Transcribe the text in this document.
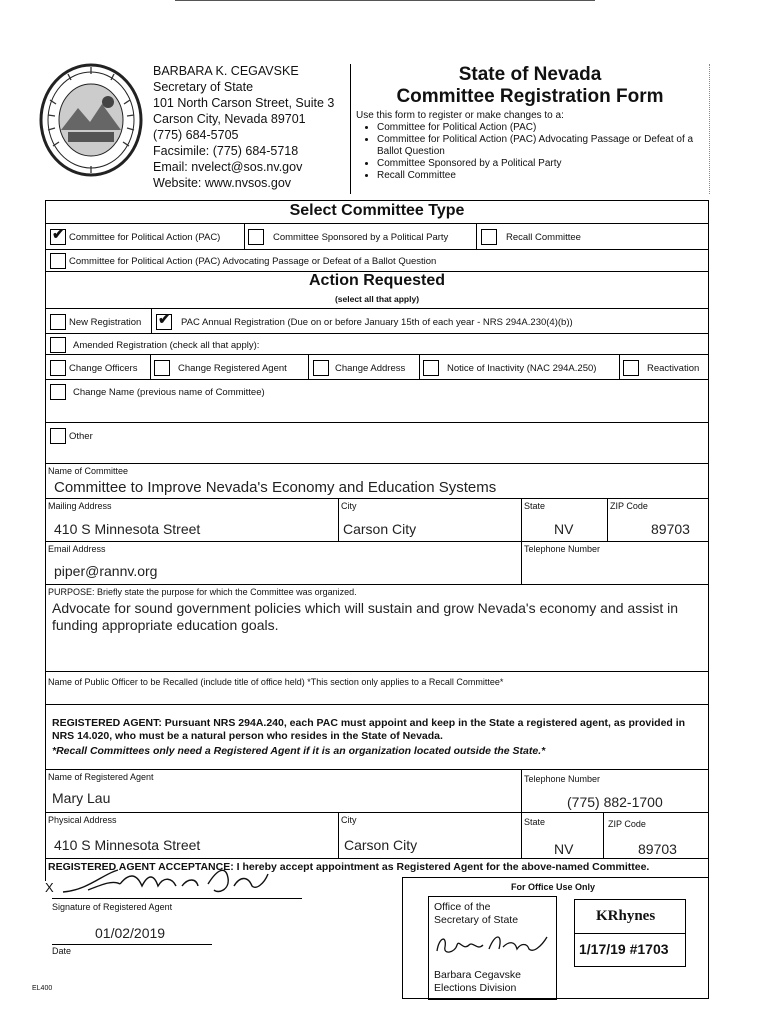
BARBARA K. CEGAVSKE
Secretary of State
101 North Carson Street, Suite 3
Carson City, Nevada 89701
(775) 684-5705
Facsimile: (775) 684-5718
Email: nvelect@sos.nv.gov
Website: www.nvsos.gov
State of Nevada
Committee Registration Form
Use this form to register or make changes to a:
• Committee for Political Action (PAC)
• Committee for Political Action (PAC) Advocating Passage or Defeat of a Ballot Question
• Committee Sponsored by a Political Party
• Recall Committee
Select Committee Type
✔
Committee for Political Action (PAC)	Committee Sponsored by a Political Party	Recall Committee
Committee for Political Action (PAC) Advocating Passage or Defeat of a Ballot Question
Action Requested
(select all that apply)
New Registration
✔	PAC Annual Registration (Due on or before January 15th of each year - NRS 294A.230(4)(b))
Amended Registration (check all that apply):
Change Officers	Change Registered Agent	Change Address	Notice of Inactivity (NAC 294A.250)	Reactivation
Change Name (previous name of Committee)
Other
Name of Committee
Committee to Improve Nevada's Economy and Education Systems
Mailing Address
410 S Minnesota Street
City
Carson City
State
NV
ZIP Code
89703
Email Address
piper@rannv.org
Telephone Number
PURPOSE: Briefly state the purpose for which the Committee was organized.
Advocate for sound government policies which will sustain and grow Nevada's economy and assist in funding appropriate education goals.
Name of Public Officer to be Recalled (include title of office held) *This section only applies to a Recall Committee*
REGISTERED AGENT: Pursuant NRS 294A.240, each PAC must appoint and keep in the State a registered agent, as provided in NRS 14.020, who must be a natural person who resides in the State of Nevada.
*Recall Committees only need a Registered Agent if it is an organization located outside the State.*
Name of Registered Agent
Mary Lau
Telephone Number
(775) 882-1700
Physical Address
410 S Minnesota Street
City
Carson City
State
NV
ZIP Code
89703
REGISTERED AGENT ACCEPTANCE: I hereby accept appointment as Registered Agent for the above-named Committee.
X
Signature of Registered Agent
01/02/2019
Date
For Office Use Only
Office of the
Secretary of State
Barbara Cegavske
Elections Division
KRhynes
1/17/19 #1703
EL400
